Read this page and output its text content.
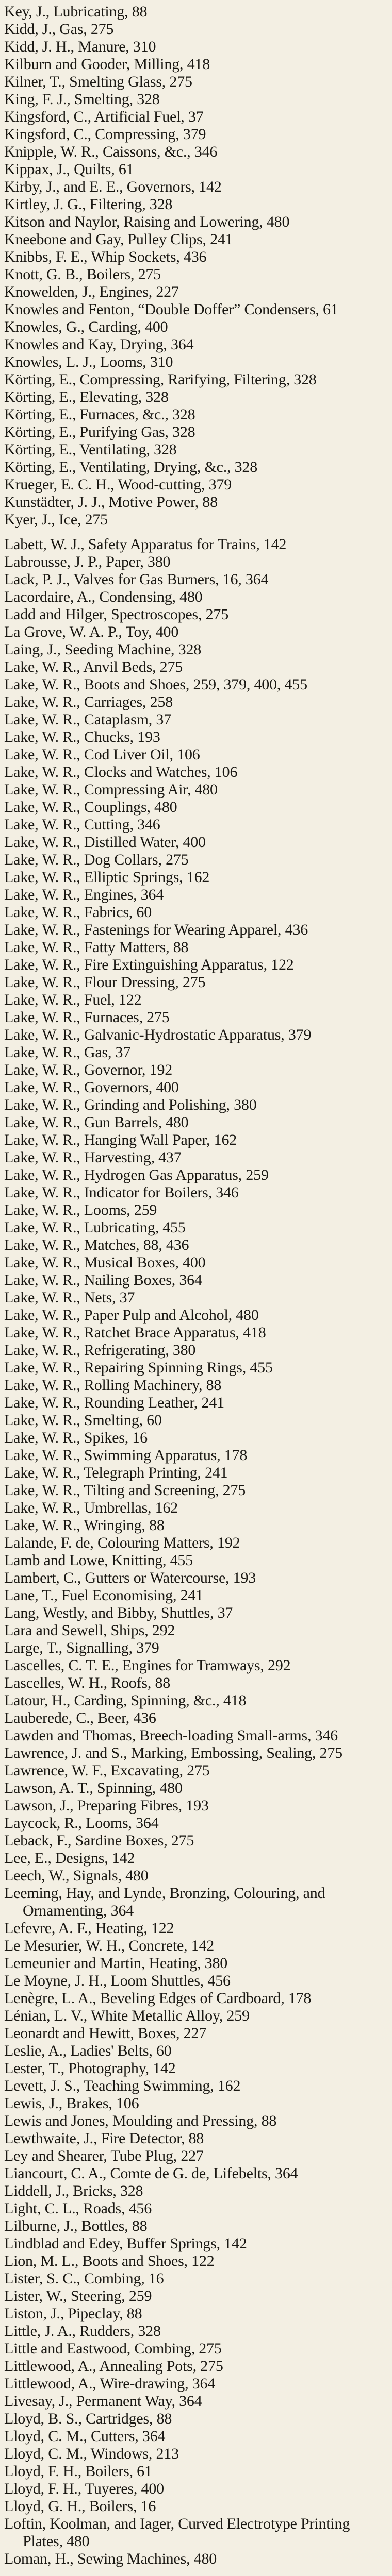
Key, J., Lubricating, 88
Kidd, J., Gas, 275
Kidd, J. H., Manure, 310
Kilburn and Gooder, Milling, 418
Kilner, T., Smelting Glass, 275
King, F. J., Smelting, 328
Kingsford, C., Artificial Fuel, 37
Kingsford, C., Compressing, 379
Knipple, W. R., Caissons, &c., 346
Kippax, J., Quilts, 61
Kirby, J., and E. E., Governors, 142
Kirtley, J. G., Filtering, 328
Kitson and Naylor, Raising and Lowering, 480
Kneebone and Gay, Pulley Clips, 241
Knibbs, F. E., Whip Sockets, 436
Knott, G. B., Boilers, 275
Knowelden, J., Engines, 227
Knowles and Fenton, “Double Doffer” Condensers, 61
Knowles, G., Carding, 400
Knowles and Kay, Drying, 364
Knowles, L. J., Looms, 310
Körting, E., Compressing, Rarifying, Filtering, 328
Körting, E., Elevating, 328
Körting, E., Furnaces, &c., 328
Körting, E., Purifying Gas, 328
Körting, E., Ventilating, 328
Körting, E., Ventilating, Drying, &c., 328
Krueger, E. C. H., Wood-cutting, 379
Kunstädter, J. J., Motive Power, 88
Kyer, J., Ice, 275
Labett, W. J., Safety Apparatus for Trains, 142
Labrousse, J. P., Paper, 380
Lack, P. J., Valves for Gas Burners, 16, 364
Lacordaire, A., Condensing, 480
Ladd and Hilger, Spectroscopes, 275
La Grove, W. A. P., Toy, 400
Laing, J., Seeding Machine, 328
Lake, W. R., Anvil Beds, 275
Lake, W. R., Boots and Shoes, 259, 379, 400, 455
Lake, W. R., Carriages, 258
Lake, W. R., Cataplasm, 37
Lake, W. R., Chucks, 193
Lake, W. R., Cod Liver Oil, 106
Lake, W. R., Clocks and Watches, 106
Lake, W. R., Compressing Air, 480
Lake, W. R., Couplings, 480
Lake, W. R., Cutting, 346
Lake, W. R., Distilled Water, 400
Lake, W. R., Dog Collars, 275
Lake, W. R., Elliptic Springs, 162
Lake, W. R., Engines, 364
Lake, W. R., Fabrics, 60
Lake, W. R., Fastenings for Wearing Apparel, 436
Lake, W. R., Fatty Matters, 88
Lake, W. R., Fire Extinguishing Apparatus, 122
Lake, W. R., Flour Dressing, 275
Lake, W. R., Fuel, 122
Lake, W. R., Furnaces, 275
Lake, W. R., Galvanic-Hydrostatic Apparatus, 379
Lake, W. R., Gas, 37
Lake, W. R., Governor, 192
Lake, W. R., Governors, 400
Lake, W. R., Grinding and Polishing, 380
Lake, W. R., Gun Barrels, 480
Lake, W. R., Hanging Wall Paper, 162
Lake, W. R., Harvesting, 437
Lake, W. R., Hydrogen Gas Apparatus, 259
Lake, W. R., Indicator for Boilers, 346
Lake, W. R., Looms, 259
Lake, W. R., Lubricating, 455
Lake, W. R., Matches, 88, 436
Lake, W. R., Musical Boxes, 400
Lake, W. R., Nailing Boxes, 364
Lake, W. R., Nets, 37
Lake, W. R., Paper Pulp and Alcohol, 480
Lake, W. R., Ratchet Brace Apparatus, 418
Lake, W. R., Refrigerating, 380
Lake, W. R., Repairing Spinning Rings, 455
Lake, W. R., Rolling Machinery, 88
Lake, W. R., Rounding Leather, 241
Lake, W. R., Smelting, 60
Lake, W. R., Spikes, 16
Lake, W. R., Swimming Apparatus, 178
Lake, W. R., Telegraph Printing, 241
Lake, W. R., Tilting and Screening, 275
Lake, W. R., Umbrellas, 162
Lake, W. R., Wringing, 88
Lalande, F. de, Colouring Matters, 192
Lamb and Lowe, Knitting, 455
Lambert, C., Gutters or Watercourse, 193
Lane, T., Fuel Economising, 241
Lang, Westly, and Bibby, Shuttles, 37
Lara and Sewell, Ships, 292
Large, T., Signalling, 379
Lascelles, C. T. E., Engines for Tramways, 292
Lascelles, W. H., Roofs, 88
Latour, H., Carding, Spinning, &c., 418
Lauberede, C., Beer, 436
Lawden and Thomas, Breech-loading Small-arms, 346
Lawrence, J. and S., Marking, Embossing, Sealing, 275
Lawrence, W. F., Excavating, 275
Lawson, A. T., Spinning, 480
Lawson, J., Preparing Fibres, 193
Laycock, R., Looms, 364
Leback, F., Sardine Boxes, 275
Lee, E., Designs, 142
Leech, W., Signals, 480
Leeming, Hay, and Lynde, Bronzing, Colouring, and Ornamenting, 364
Lefevre, A. F., Heating, 122
Le Mesurier, W. H., Concrete, 142
Lemeunier and Martin, Heating, 380
Le Moyne, J. H., Loom Shuttles, 456
Lenègre, L. A., Beveling Edges of Cardboard, 178
Lénian, L. V., White Metallic Alloy, 259
Leonardt and Hewitt, Boxes, 227
Leslie, A., Ladies' Belts, 60
Lester, T., Photography, 142
Levett, J. S., Teaching Swimming, 162
Lewis, J., Brakes, 106
Lewis and Jones, Moulding and Pressing, 88
Lewthwaite, J., Fire Detector, 88
Ley and Shearer, Tube Plug, 227
Liancourt, C. A., Comte de G. de, Lifebelts, 364
Liddell, J., Bricks, 328
Light, C. L., Roads, 456
Lilburne, J., Bottles, 88
Lindblad and Edey, Buffer Springs, 142
Lion, M. L., Boots and Shoes, 122
Lister, S. C., Combing, 16
Lister, W., Steering, 259
Liston, J., Pipeclay, 88
Little, J. A., Rudders, 328
Little and Eastwood, Combing, 275
Littlewood, A., Annealing Pots, 275
Littlewood, A., Wire-drawing, 364
Livesay, J., Permanent Way, 364
Lloyd, B. S., Cartridges, 88
Lloyd, C. M., Cutters, 364
Lloyd, C. M., Windows, 213
Lloyd, F. H., Boilers, 61
Lloyd, F. H., Tuyeres, 400
Lloyd, G. H., Boilers, 16
Loftin, Koolman, and Iager, Curved Electrotype Printing Plates, 480
Loman, H., Sewing Machines, 480
